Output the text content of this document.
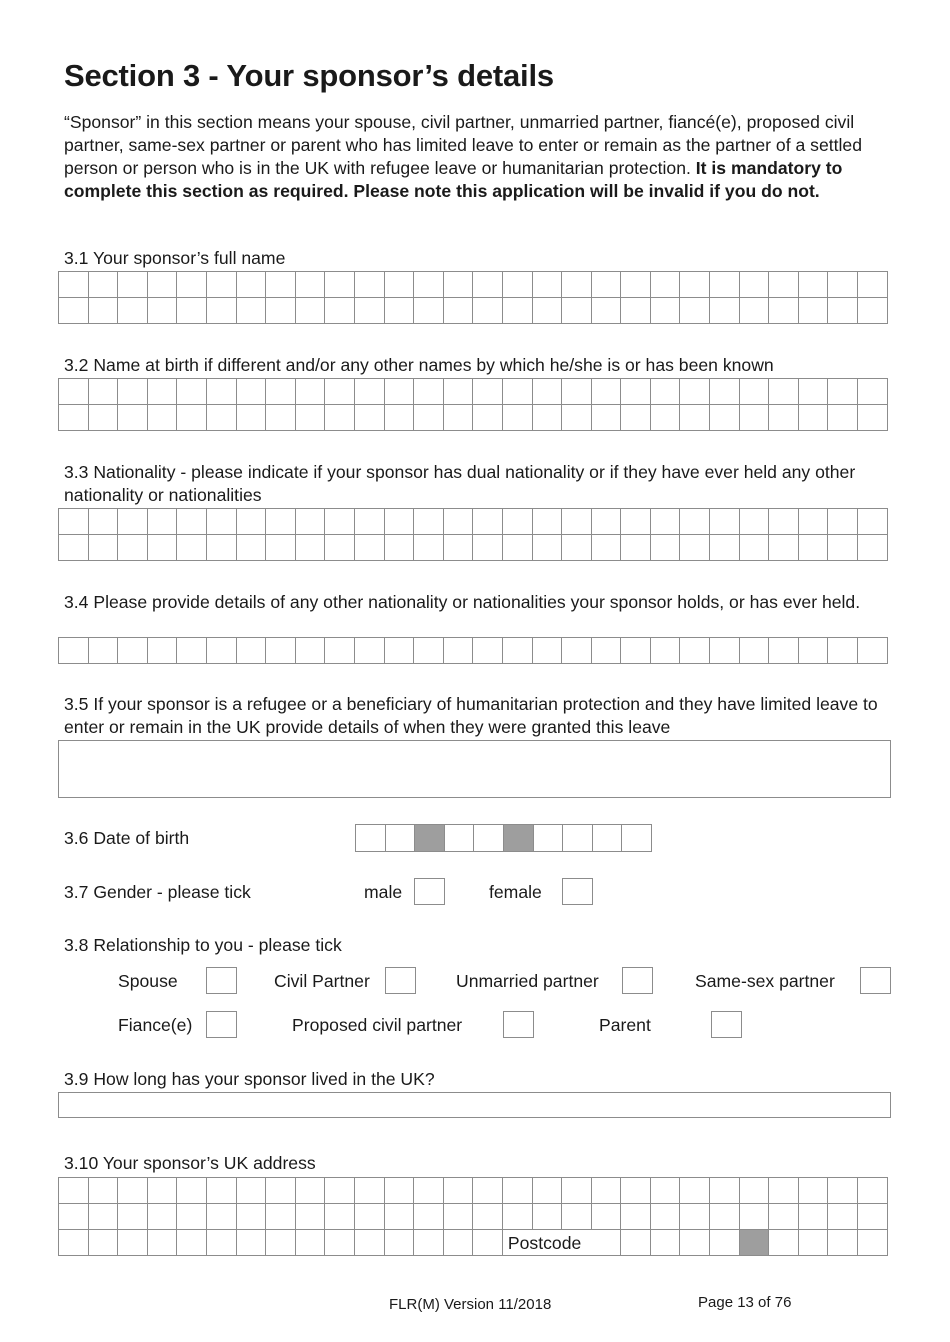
Section 3 - Your sponsor’s details
“Sponsor” in this section means your spouse, civil partner, unmarried partner, fiancé(e), proposed civil partner, same-sex partner or parent who has limited leave to enter or remain as the partner of a settled person or person who is in the UK with refugee leave or humanitarian protection. It is mandatory to complete this section as required. Please note this application will be invalid if you do not.
3.1 Your sponsor’s full name
3.2 Name at birth if different and/or any other names by which he/she is or has been known
3.3 Nationality - please indicate if your sponsor has dual nationality or if they have ever held any other nationality or nationalities
3.4 Please provide details of any other nationality or nationalities your sponsor holds, or has ever held.
3.5 If your sponsor is a refugee or a beneficiary of humanitarian protection and they have limited leave to enter or remain in the UK provide details of when they were granted this leave
3.6 Date of birth
3.7 Gender - please tick	male	female
3.8 Relationship to you - please tick
Spouse	Civil Partner	Unmarried partner	Same-sex partner
Fiance(e)	Proposed civil partner	Parent
3.9 How long has your sponsor lived in the UK?
3.10 Your sponsor’s UK address
Postcode
FLR(M) Version 11/2018	Page 13 of 76
